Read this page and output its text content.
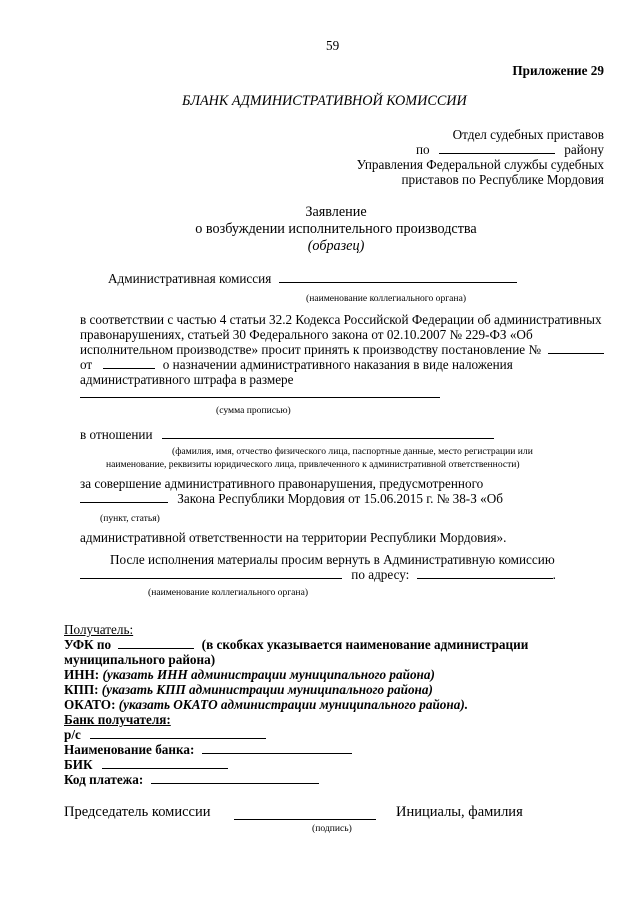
59
Приложение 29
БЛАНК АДМИНИСТРАТИВНОЙ КОМИССИИ
Отдел судебных приставов
по	району
Управления Федеральной службы судебных
приставов по Республике Мордовия
Заявление
о возбуждении исполнительного производства
(образец)
Административная комиссия
(наименование коллегиального органа)
в соответствии с частью 4 статьи 32.2 Кодекса Российской Федерации об административных
правонарушениях, статьей 30 Федерального закона от 02.10.2007 № 229-ФЗ «Об
исполнительном производстве» просит принять к производству постановление №
от	о назначении административного наказания в виде наложения
административного штрафа в размере
(сумма прописью)
в отношении
(фамилия, имя, отчество физического лица, паспортные данные, место регистрации или
наименование, реквизиты юридического лица, привлеченного к административной ответственности)
за совершение административного правонарушения, предусмотренного
Закона Республики Мордовия от 15.06.2015 г. № 38-З «Об
(пункт, статья)
административной ответственности на территории Республики Мордовия».
После исполнения материалы просим вернуть в Административную комиссию
по адресу:	.
(наименование коллегиального органа)
Получатель:
УФК по	(в скобках указывается наименование администрации
муниципального района)
ИНН: (указать ИНН администрации муниципального района)
КПП: (указать КПП администрации муниципального района)
ОКАТО: (указать ОКАТО администрации муниципального района).
Банк получателя:
р/с
Наименование банка:
БИК
Код платежа:
Председатель комиссии	Инициалы, фамилия
(подпись)
